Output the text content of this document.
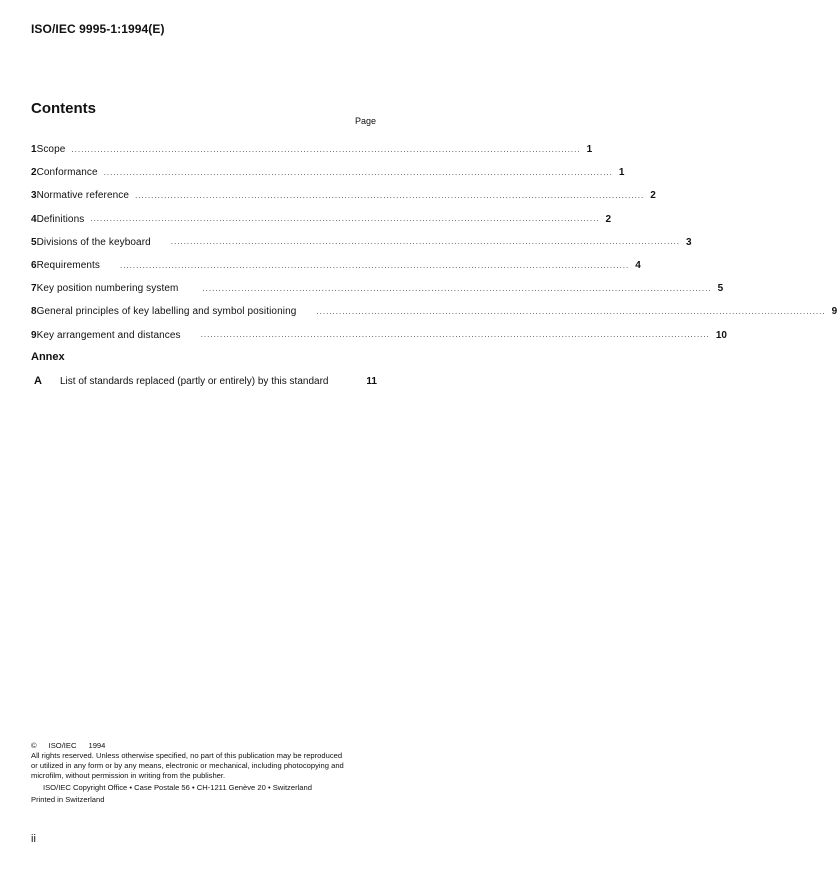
ISO/IEC 9995-1:1994(E)
Contents
Page
1 Scope .............................................................................................................................................................. 1
2 Conformance .............................................................................................................................................................. 1
3 Normative reference .............................................................................................................................................................. 2
4 Definitions .............................................................................................................................................................. 2
5 Divisions of the keyboard	.............................................................................................................................................................. 3
6 Requirements	.............................................................................................................................................................. 4
7 Key position numbering system	.............................................................................................................................................................. 5
8 General principles of key labelling and symbol positioning	.............................................................................................................................................................. 9
9 Key arrangement and distances	.............................................................................................................................................................. 10
Annex
A	List of standards replaced (partly or entirely) by this standard	11
© ISO/IEC 1994
All rights reserved. Unless otherwise specified, no part of this publication may be reproduced
or utilized in any form or by any means, electronic or mechanical, including photocopying and
microfilm, without permission in writing from the publisher.
ISO/IEC Copyright Office • Case Postale 56 • CH-1211 Genève 20 • Switzerland
Printed in Switzerland
ii
